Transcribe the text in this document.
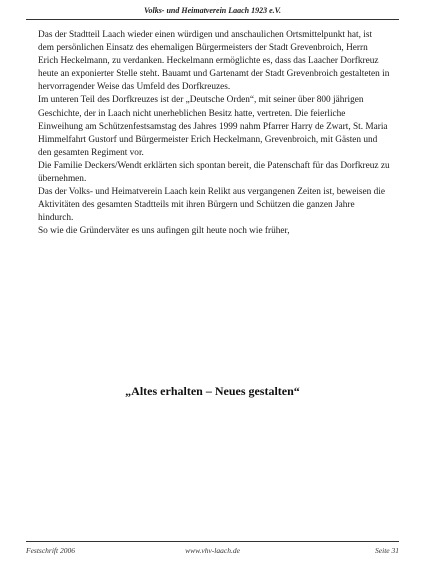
Volks- und Heimatverein Laach 1923 e.V.

Das der Stadtteil Laach wieder einen würdigen und anschaulichen Ortsmittelpunkt hat, ist dem persönlichen Einsatz des ehemaligen Bürgermeisters der Stadt Grevenbroich, Herrn Erich Heckelmann, zu verdanken. Heckelmann ermöglichte es, dass das Laacher Dorfkreuz heute an exponierter Stelle steht. Bauamt und Gartenamt der Stadt Grevenbroich gestalteten in hervorragender Weise das Umfeld des Dorfkreuzes.

Im unteren Teil des Dorfkreuzes ist der „Deutsche Orden“, mit seiner über 800 jährigen Geschichte, der in Laach nicht unerheblichen Besitz hatte, vertreten. Die feierliche Einweihung am Schützenfestsamstag des Jahres 1999 nahm Pfarrer Harry de Zwart, St. Maria Himmelfahrt Gustorf und Bürgermeister Erich Heckelmann, Grevenbroich, mit Gästen und den gesamten Regiment vor.

Die Familie Deckers/Wendt erklärten sich spontan bereit, die Patenschaft für das Dorfkreuz zu übernehmen.

Das der Volks- und Heimatverein Laach kein Relikt aus vergangenen Zeiten ist, beweisen die Aktivitäten des gesamten Stadtteils mit ihren Bürgern und Schützen die ganzen Jahre hindurch.

So wie die Gründerväter es uns aufingen gilt heute noch wie früher,

„Altes erhalten – Neues gestalten“
Festschrift 2006	www.vhv-laach.de	Seite 31
